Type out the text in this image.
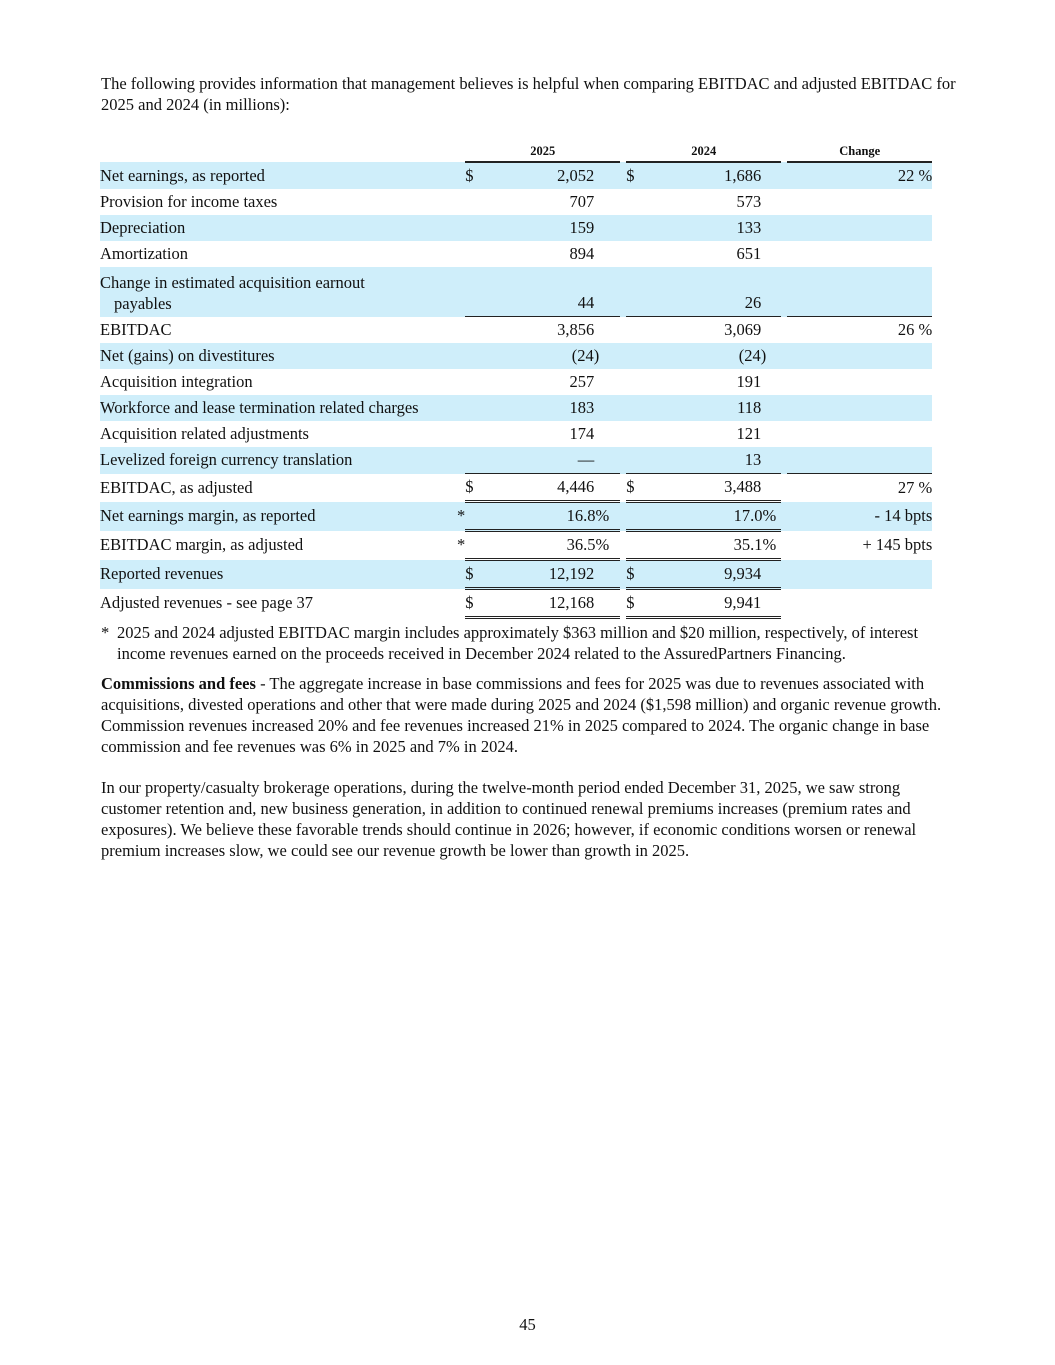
The following provides information that management believes is helpful when comparing EBITDAC and adjusted EBITDAC for 2025 and 2024 (in millions):

		2025			2024			Change
Net earnings, as reported		$	2,052		$	1,686		22 %
Provision for income taxes			707			573		
Depreciation			159			133		
Amortization			894			651		
Change in estimated acquisition earnout
payables			44			26		
EBITDAC			3,856			3,069		26 %
Net (gains) on divestitures			(24)			(24)		
Acquisition integration			257			191		
Workforce and lease termination related charges			183			118		
Acquisition related adjustments			174			121		
Levelized foreign currency translation			—			13		
EBITDAC, as adjusted		$	4,446		$	3,488		27 %
Net earnings margin, as reported	*		16.8%			17.0%		- 14 bpts
EBITDAC margin, as adjusted	*		36.5%			35.1%		+ 145 bpts
Reported revenues		$	12,192		$	9,934		
Adjusted revenues - see page 37		$	12,168		$	9,941		
* 2025 and 2024 adjusted EBITDAC margin includes approximately $363 million and $20 million, respectively, of interest income revenues earned on the proceeds received in December 2024 related to the AssuredPartners Financing.

Commissions and fees - The aggregate increase in base commissions and fees for 2025 was due to revenues associated with acquisitions, divested operations and other that were made during 2025 and 2024 ($1,598 million) and organic revenue growth. Commission revenues increased 20% and fee revenues increased 21% in 2025 compared to 2024. The organic change in base commission and fee revenues was 6% in 2025 and 7% in 2024.

In our property/casualty brokerage operations, during the twelve-month period ended December 31, 2025, we saw strong customer retention and, new business generation, in addition to continued renewal premiums increases (premium rates and exposures). We believe these favorable trends should continue in 2026; however, if economic conditions worsen or renewal premium increases slow, we could see our revenue growth be lower than growth in 2025.

45
